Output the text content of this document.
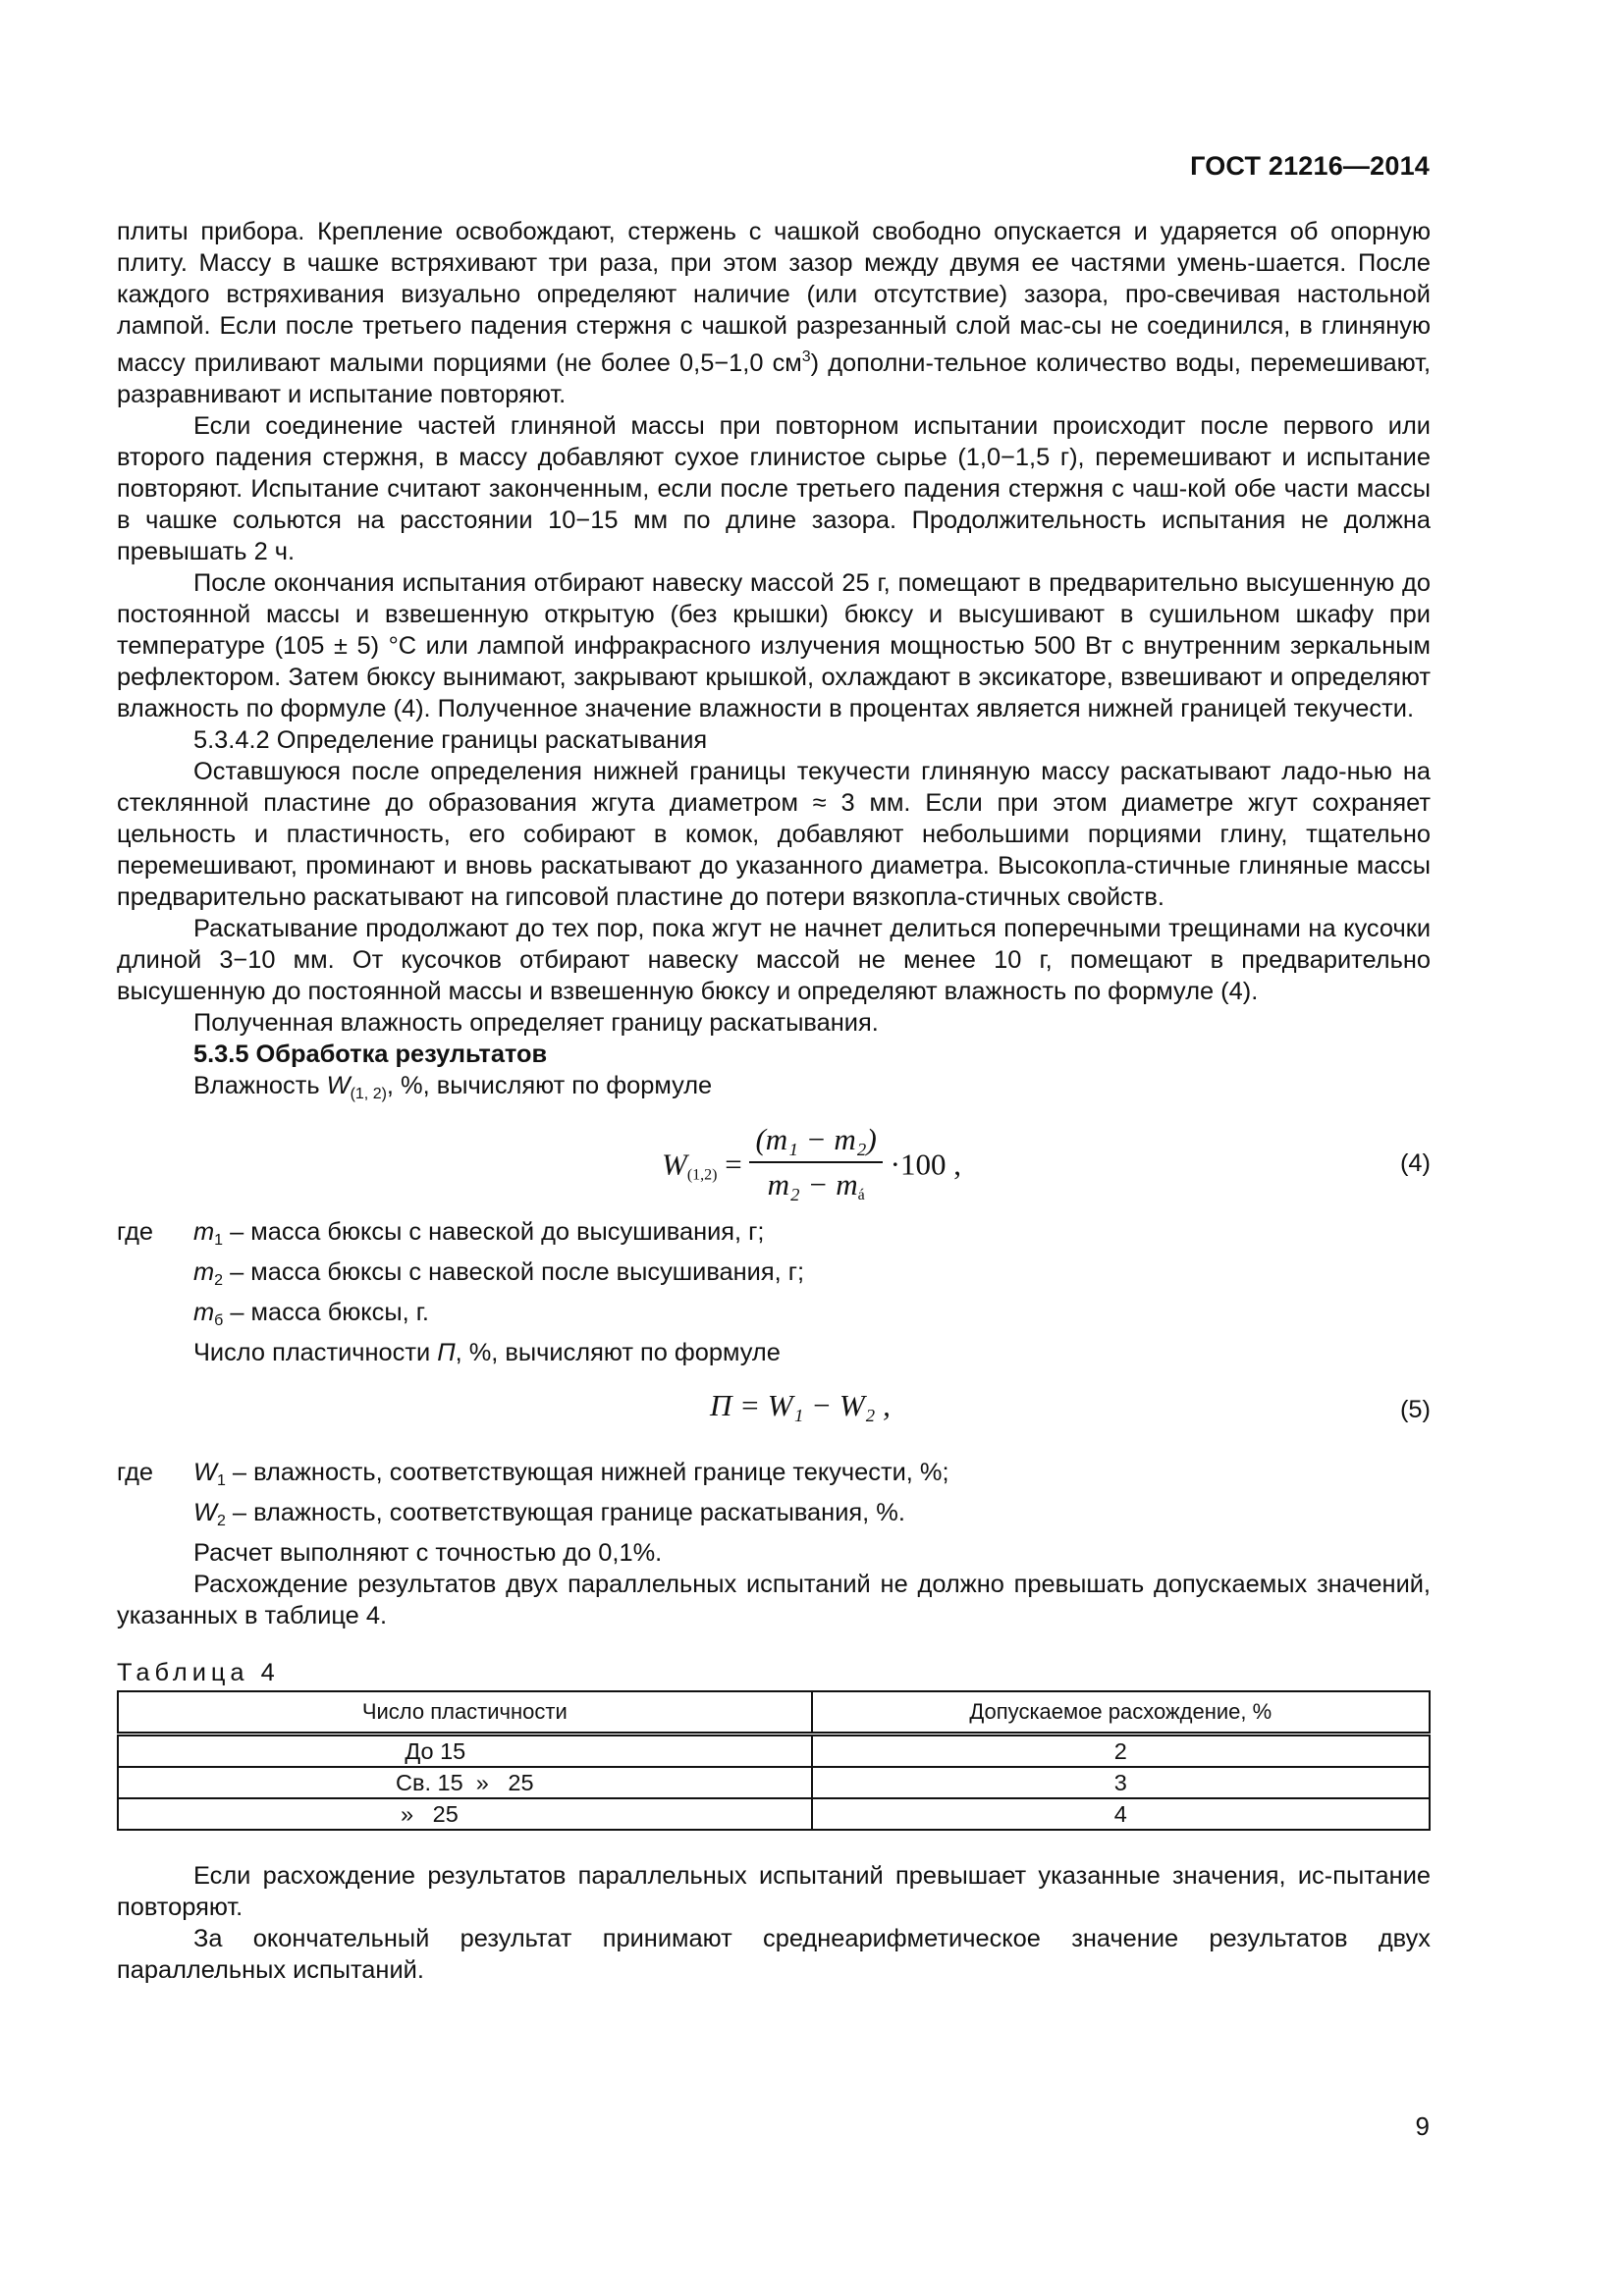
ГОСТ 21216—2014

плиты прибора. Крепление освобождают, стержень с чашкой свободно опускается и ударяется об опорную плиту. Массу в чашке встряхивают три раза, при этом зазор между двумя ее частями умень-шается. После каждого встряхивания визуально определяют наличие (или отсутствие) зазора, про-свечивая настольной лампой. Если после третьего падения стержня с чашкой разрезанный слой мас-сы не соединился, в глиняную массу приливают малыми порциями (не более 0,5−1,0 $см^3$) дополни-тельное количество воды, перемешивают, разравнивают и испытание повторяют.

Если соединение частей глиняной массы при повторном испытании происходит после первого или второго падения стержня, в массу добавляют сухое глинистое сырье (1,0−1,5 г), перемешивают и испытание повторяют. Испытание считают законченным, если после третьего падения стержня с чаш-кой обе части массы в чашке сольются на расстоянии 10−15 мм по длине зазора. Продолжительность испытания не должна превышать 2 ч.

После окончания испытания отбирают навеску массой 25 г, помещают в предварительно высушенную до постоянной массы и взвешенную открытую (без крышки) бюксу и высушивают в сушильном шкафу при температуре (105 ± 5) °С или лампой инфракрасного излучения мощностью 500 Вт с внутренним зеркальным рефлектором. Затем бюксу вынимают, закрывают крышкой, охлаждают в эксикаторе, взвешивают и определяют влажность по формуле (4). Полученное значение влажности в процентах является нижней границей текучести.

5.3.4.2 Определение границы раскатывания

Оставшуюся после определения нижней границы текучести глиняную массу раскатывают ладо-нью на стеклянной пластине до образования жгута диаметром ≈ 3 мм. Если при этом диаметре жгут сохраняет цельность и пластичность, его собирают в комок, добавляют небольшими порциями глину, тщательно перемешивают, проминают и вновь раскатывают до указанного диаметра. Высокопла-стичные глиняные массы предварительно раскатывают на гипсовой пластине до потери вязкопла-стичных свойств.

Раскатывание продолжают до тех пор, пока жгут не начнет делиться поперечными трещинами на кусочки длиной 3−10 мм. От кусочков отбирают навеску массой не менее 10 г, помещают в предварительно высушенную до постоянной массы и взвешенную бюксу и определяют влажность по формуле (4).

Полученная влажность определяет границу раскатывания.

5.3.5 Обработка результатов

Влажность $W_{(1, 2)}$, %, вычисляют по формуле

$W_{(1,2)} = \frac{\text{(m₁ − m₂)}}{m_2 - m_á} \cdot 100$ ,	(4)
где $m_1$ – масса бюксы с навеской до высушивания, г;
$m_2$ – масса бюксы с навеской после высушивания, г;
$m_б$ – масса бюксы, г.
Число пластичности П, %, вычисляют по формуле
П = W₁ − W₂ ,	(5)
где $W_1$ – влажность, соответствующая нижней границе текучести, %;
$W_2$ – влажность, соответствующая границе раскатывания, %.
Расчет выполняют с точностью до 0,1%.

Расхождение результатов двух параллельных испытаний не должно превышать допускаемых значений, указанных в таблице 4.

Таблица 4
Число пластичности	Допускаемое расхождение, %
До 15	2
Св. 15  »   25	3
»   25	4

Если расхождение результатов параллельных испытаний превышает указанные значения, ис-пытание повторяют.

За окончательный результат принимают среднеарифметическое значение результатов двух параллельных испытаний.

9
